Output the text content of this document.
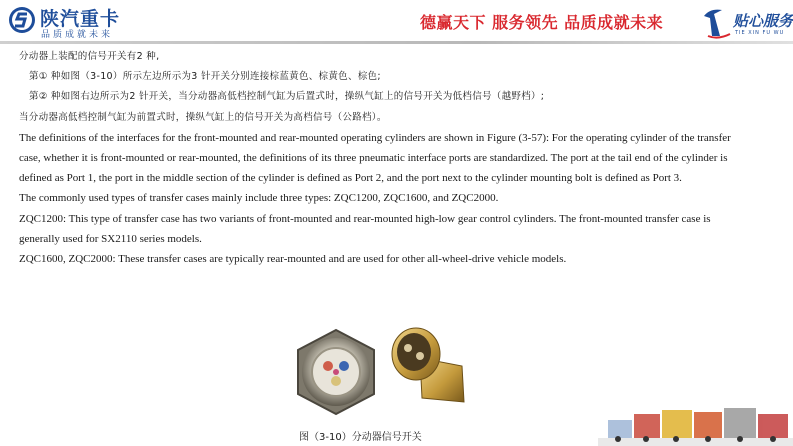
陕汽重卡
品质成就未来
德赢天下 服务领先 品质成就未来	贴心服务
TIE XIN FU WU
分动器上装配的信号开关有2 种,
第① 种如图（3-10）所示左边所示为3 针开关分别连接棕蓝黄色、棕黄色、棕色;
第② 种如图右边所示为2 针开关，当分动器高低档控制气缸为后置式时，操纵气缸上的信号开关为低档信号（越野档）;
当分动器高低档控制气缸为前置式时，操纵气缸上的信号开关为高档信号（公路档）。
The definitions of the interfaces for the front-mounted and rear-mounted operating cylinders are shown in Figure (3-57): For the operating cylinder of the transfer
case, whether it is front-mounted or rear-mounted, the definitions of its three pneumatic interface ports are standardized. The port at the tail end of the cylinder is
defined as Port 1, the port in the middle section of the cylinder is defined as Port 2, and the port next to the cylinder mounting bolt is defined as Port 3.
The commonly used types of transfer cases mainly include three types: ZQC1200, ZQC1600, and ZQC2000.
ZQC1200: This type of transfer case has two variants of front-mounted and rear-mounted high-low gear control cylinders. The front-mounted transfer case is
generally used for SX2110 series models.
ZQC1600, ZQC2000: These transfer cases are typically rear-mounted and are used for other all-wheel-drive vehicle models.
图（3-10）分动器信号开关
